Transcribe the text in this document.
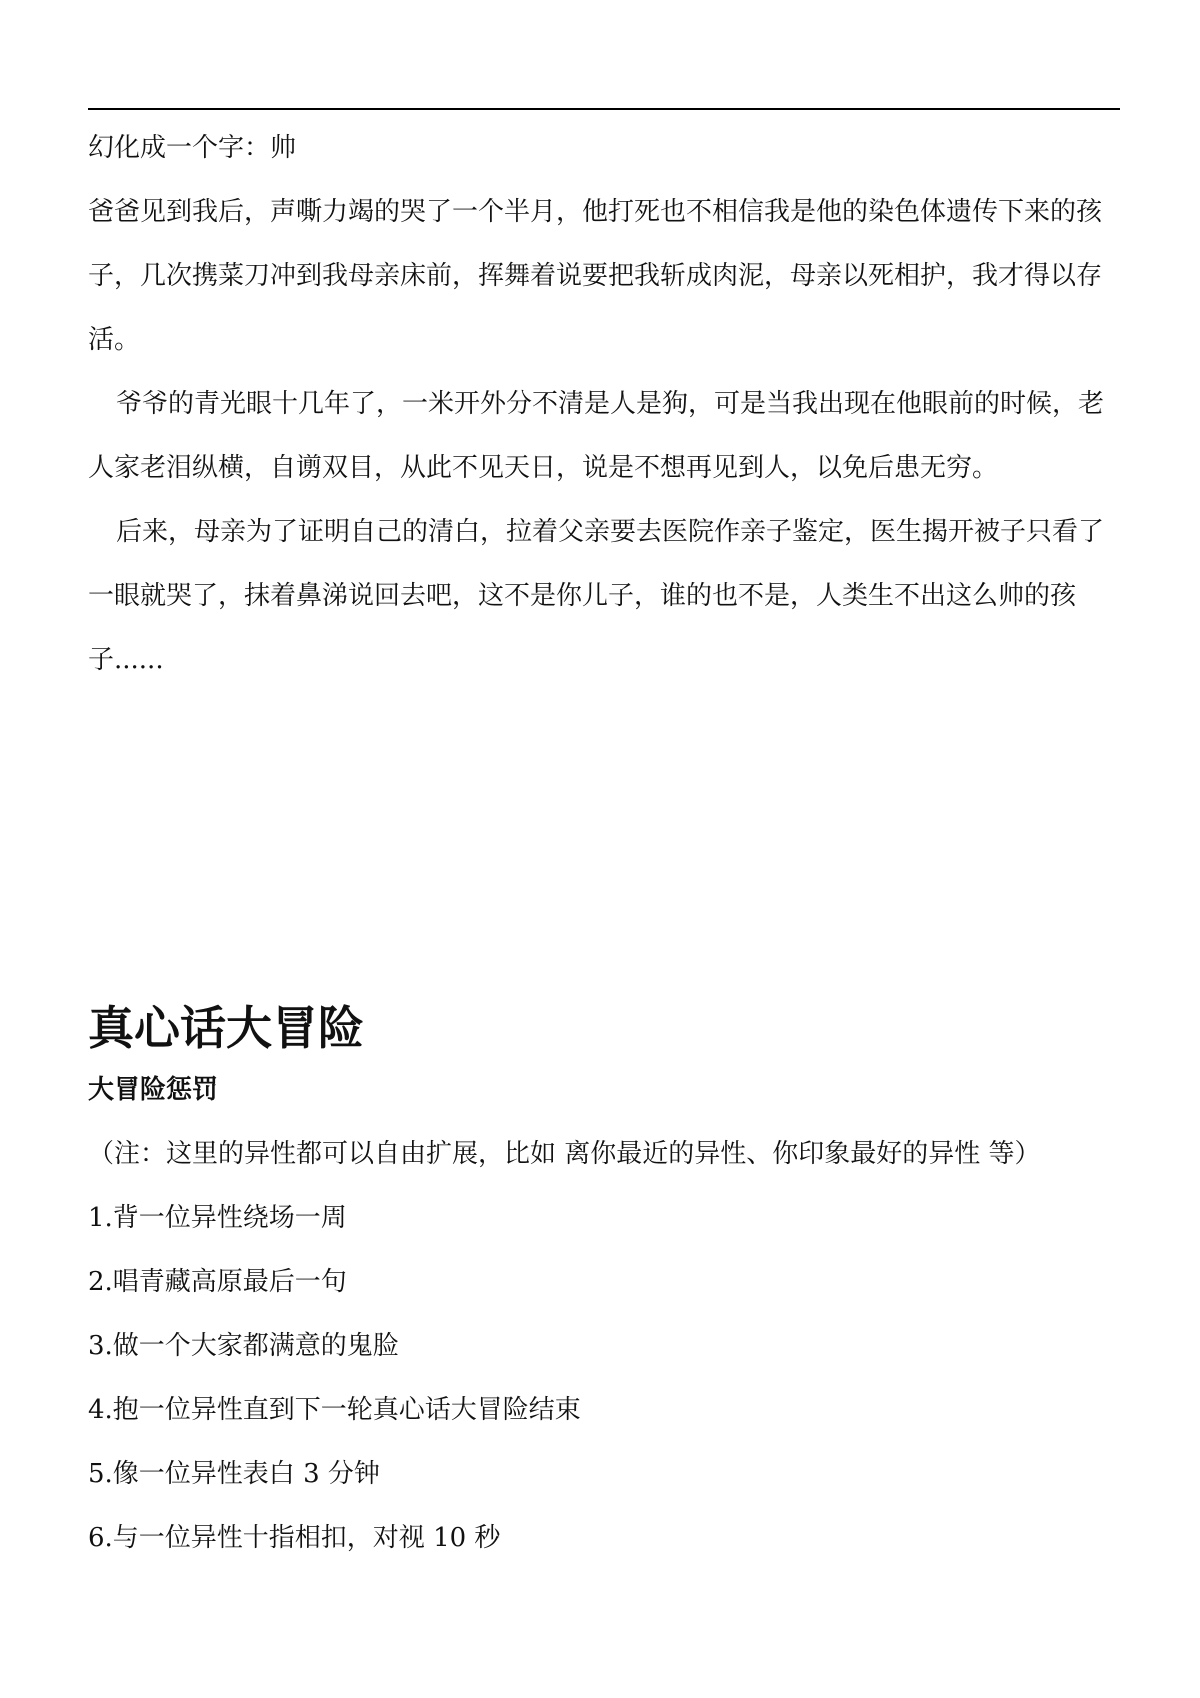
幻化成一个字：帅

爸爸见到我后，声嘶力竭的哭了一个半月，他打死也不相信我是他的染色体遗传下来的孩子，几次携菜刀冲到我母亲床前，挥舞着说要把我斩成肉泥，母亲以死相护，我才得以存活。

爷爷的青光眼十几年了，一米开外分不清是人是狗，可是当我出现在他眼前的时候，老人家老泪纵横，自谫双目，从此不见天日，说是不想再见到人，以免后患无穷。

后来，母亲为了证明自己的清白，拉着父亲要去医院作亲子鉴定，医生揭开被子只看了一眼就哭了，抹着鼻涕说回去吧，这不是你儿子，谁的也不是，人类生不出这么帅的孩子......

真心话大冒险
大冒险惩罚

（注：这里的异性都可以自由扩展，比如 离你最近的异性、你印象最好的异性 等）

1.背一位异性绕场一周
2.唱青藏高原最后一句
3.做一个大家都满意的鬼脸
4.抱一位异性直到下一轮真心话大冒险结束
5.像一位异性表白 3 分钟
6.与一位异性十指相扣，对视 10 秒
